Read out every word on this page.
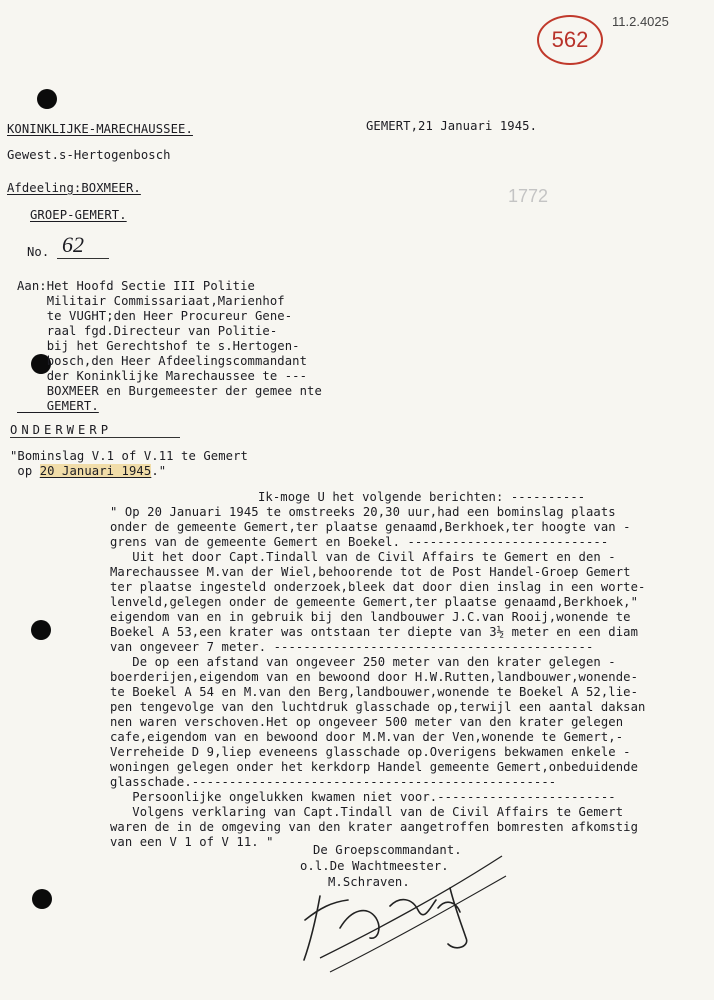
562
11.2.4025
KONINKLIJKE-MARECHAUSSEE.
Gewest.s-Hertogenbosch
Afdeeling:BOXMEER.
GROEP-GEMERT.
GEMERT,21 Januari 1945.
1772
No. 62
Aan:Het Hoofd Sectie III Politie
Militair Commissariaat,Marienhof
te VUGHT;den Heer Procureur Gene-
raal fgd.Directeur van Politie-
bij het Gerechtshof te s.Hertogen-
bosch,den Heer Afdeelingscommandant
der Koninklijke Marechaussee te ---
BOXMEER en Burgemeester der gemee nte
GEMERT.
ONDERWERP
"Bominslag V.1 of V.11 te Gemert
op 20 Januari 1945."
Ik-moge U het volgende berichten: ----------
" Op 20 Januari 1945 te omstreeks 20,30 uur,had een bominslag plaats
onder de gemeente Gemert,ter plaatse genaamd,Berkhoek,ter hoogte van -
grens van de gemeente Gemert en Boekel. ---------------------------
Uit het door Capt.Tindall van de Civil Affairs te Gemert en den -
Marechaussee M.van der Wiel,behoorende tot de Post Handel-Groep Gemert
ter plaatse ingesteld onderzoek,bleek dat door dien inslag in een worte-
lenveld,gelegen onder de gemeente Gemert,ter plaatse genaamd,Berkhoek,"
eigendom van en in gebruik bij den landbouwer J.C.van Rooij,wonende te
Boekel A 53,een krater was ontstaan ter diepte van 3½ meter en een diam
van ongeveer 7 meter. -------------------------------------------
De op een afstand van ongeveer 250 meter van den krater gelegen -
boerderijen,eigendom van en bewoond door H.W.Rutten,landbouwer,wonende-
te Boekel A 54 en M.van den Berg,landbouwer,wonende te Boekel A 52,lie-
pen tengevolge van den luchtdruk glasschade op,terwijl een aantal daksan
nen waren verschoven.Het op ongeveer 500 meter van den krater gelegen
cafe,eigendom van en bewoond door M.M.van der Ven,wonende te Gemert,-
Verreheide D 9,liep eveneens glasschade op.Overigens bekwamen enkele -
woningen gelegen onder het kerkdorp Handel gemeente Gemert,onbeduidende
glasschade.-------------------------------------------------
Persoonlijke ongelukken kwamen niet voor.------------------------
Volgens verklaring van Capt.Tindall van de Civil Affairs te Gemert
waren de in de omgeving van den krater aangetroffen bomresten afkomstig
van een V 1 of V 11. "
De Groepscommandant.
o.l.De Wachtmeester.
M.Schraven.
